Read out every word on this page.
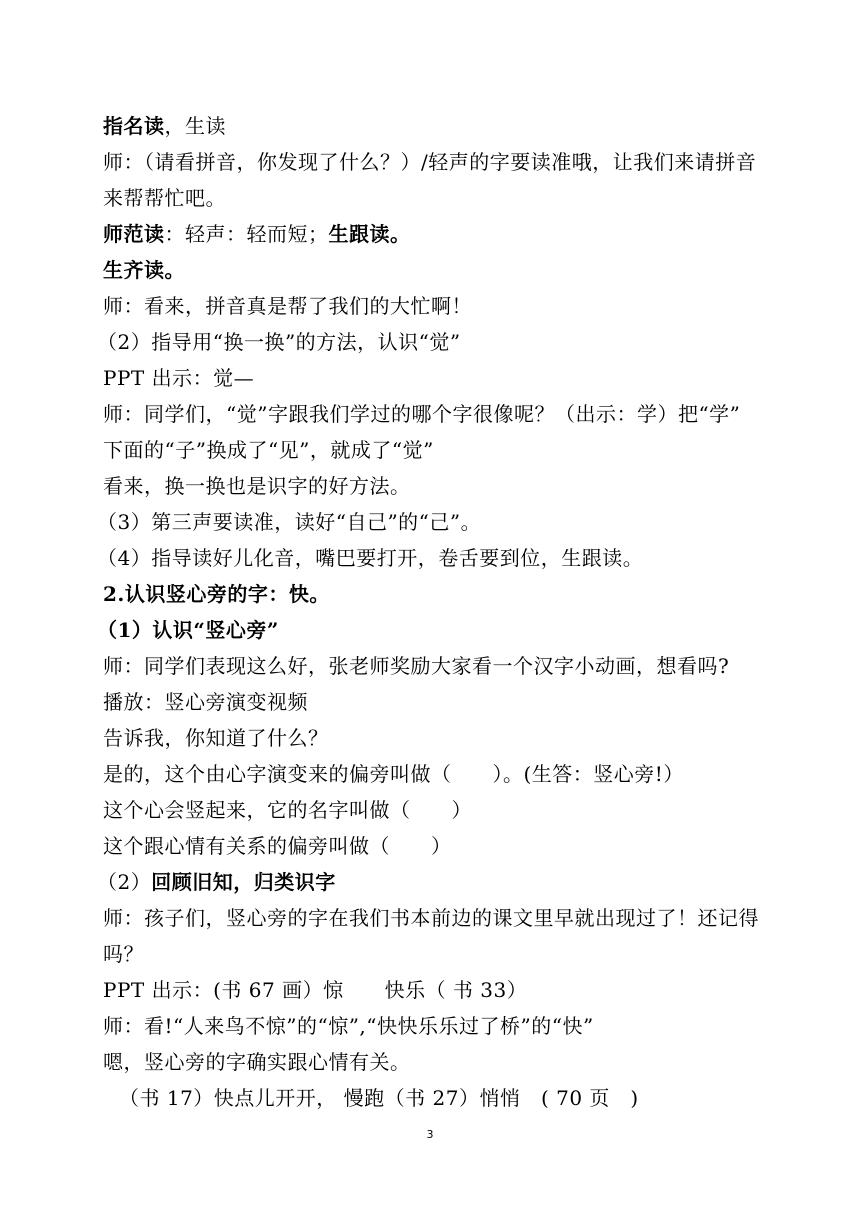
指名读，生读
师：（请看拼音，你发现了什么？）/轻声的字要读准哦，让我们来请拼音
来帮帮忙吧。
师范读：轻声：轻而短；生跟读。
生齐读。
师：看来，拼音真是帮了我们的大忙啊！
（2）指导用“换一换”的方法，认识“觉”
PPT 出示：觉—
师：同学们，“觉”字跟我们学过的哪个字很像呢？（出示：学）把“学”
下面的“子”换成了“见”，就成了“觉”
看来，换一换也是识字的好方法。
（3）第三声要读准，读好“自己”的“己”。
（4）指导读好儿化音，嘴巴要打开，卷舌要到位，生跟读。
2.认识竖心旁的字：快。
（1）认识“竖心旁”
师：同学们表现这么好，张老师奖励大家看一个汉字小动画，想看吗?
播放：竖心旁演变视频
告诉我，你知道了什么？
是的，这个由心字演变来的偏旁叫做（　　）。(生答：竖心旁!）
这个心会竖起来，它的名字叫做（　　）
这个跟心情有关系的偏旁叫做（　　）
（2）回顾旧知，归类识字
师：孩子们，竖心旁的字在我们书本前边的课文里早就出现过了！还记得
吗？
PPT 出示：(书 67 画）惊　　快乐（ 书 33）
师：看!“人来鸟不惊”的“惊”,“快快乐乐过了桥”的“快”
嗯，竖心旁的字确实跟心情有关。
（书 17）快点儿开开， 慢跑（书 27）悄悄　( 70 页　)
3
